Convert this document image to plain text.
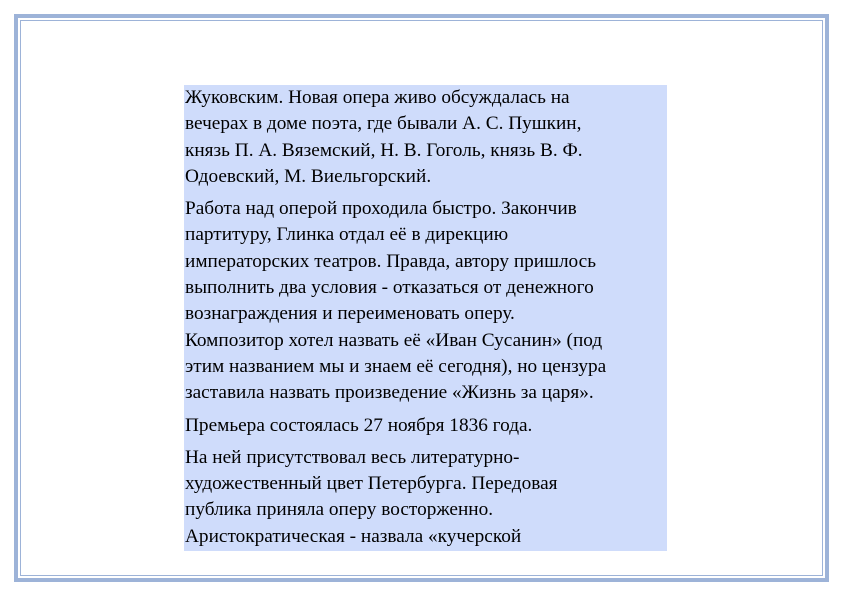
Жуковским. Новая опера живо обсуждалась на
вечерах в доме поэта, где бывали А. С. Пушкин,
князь П. А. Вяземский, Н. В. Гоголь, князь В. Ф.
Одоевский, М. Виельгорский.

Работа над оперой проходила быстро. Закончив
партитуру, Глинка отдал её в дирекцию
императорских театров. Правда, автору пришлось
выполнить два условия - отказаться от денежного
вознаграждения и переименовать оперу.
Композитор хотел назвать её «Иван Сусанин» (под
этим названием мы и знаем её сегодня), но цензура
заставила назвать произведение «Жизнь за царя».

Премьера состоялась 27 ноября 1836 года.

На ней присутствовал весь литературно-
художественный цвет Петербурга. Передовая
публика приняла оперу восторженно.
Аристократическая - назвала «кучерской
